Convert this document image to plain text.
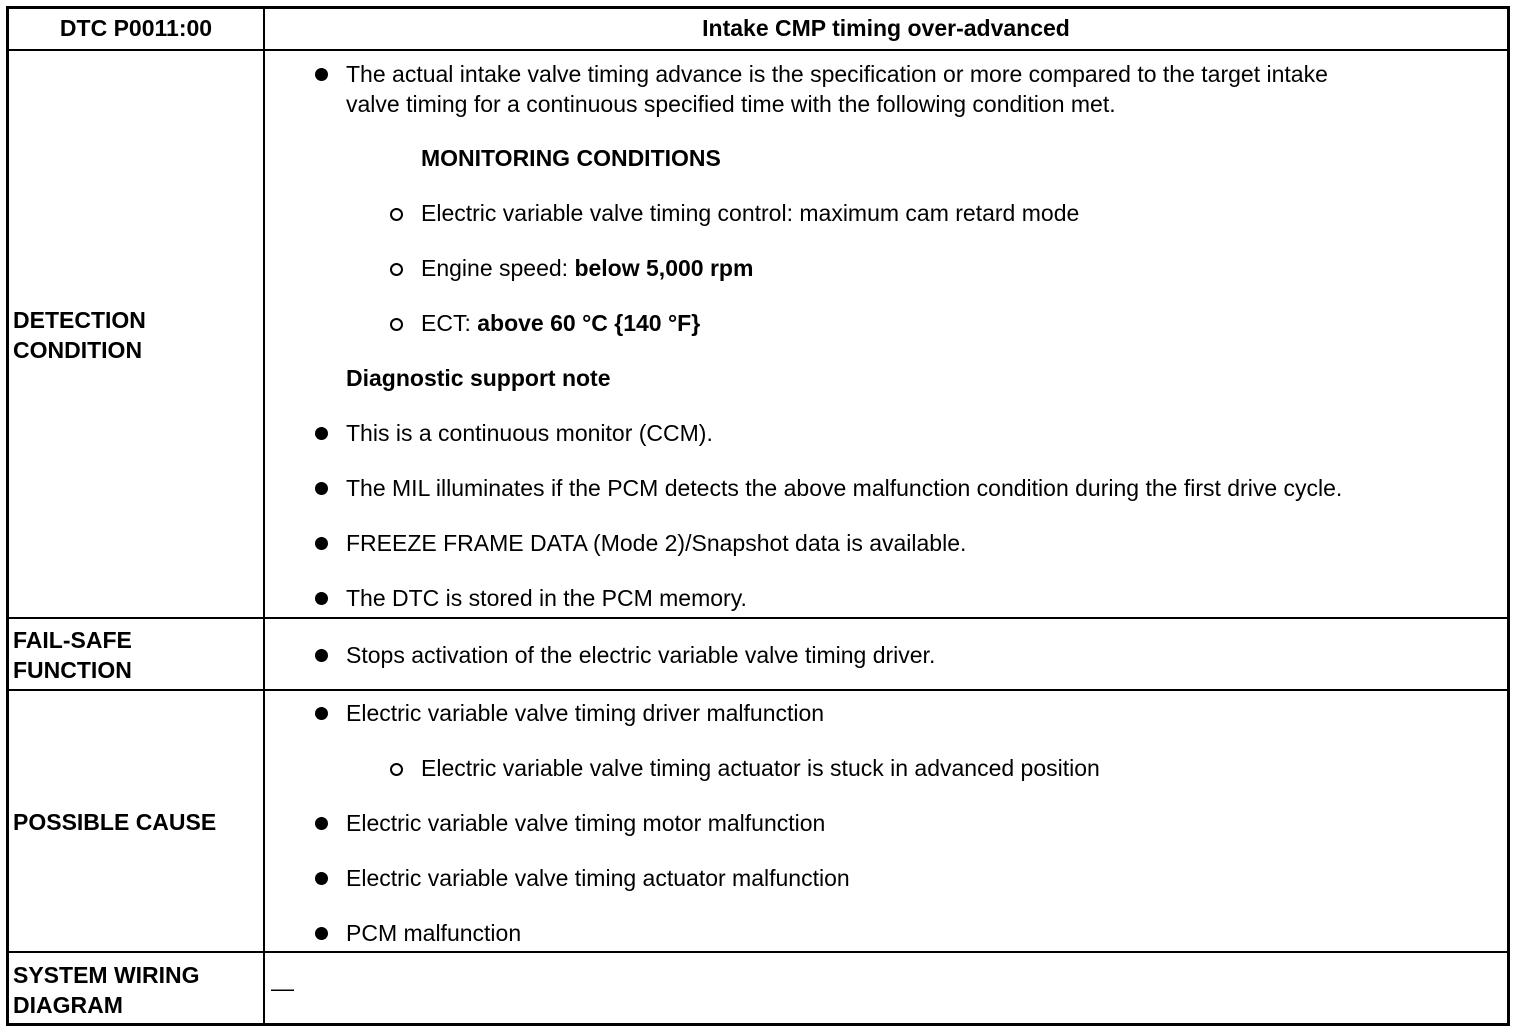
DTC P0011:00	Intake CMP timing over-advanced
DETECTION
CONDITION
The actual intake valve timing advance is the specification or more compared to the target intake
valve timing for a continuous specified time with the following condition met.
MONITORING CONDITIONS
Electric variable valve timing control: maximum cam retard mode
Engine speed: below 5,000 rpm
ECT: above 60 °C {140 °F}
Diagnostic support note
This is a continuous monitor (CCM).
The MIL illuminates if the PCM detects the above malfunction condition during the first drive cycle.
FREEZE FRAME DATA (Mode 2)/Snapshot data is available.
The DTC is stored in the PCM memory.
FAIL-SAFE
FUNCTION
Stops activation of the electric variable valve timing driver.
POSSIBLE CAUSE
Electric variable valve timing driver malfunction
Electric variable valve timing actuator is stuck in advanced position
Electric variable valve timing motor malfunction
Electric variable valve timing actuator malfunction
PCM malfunction
SYSTEM WIRING
DIAGRAM
—
